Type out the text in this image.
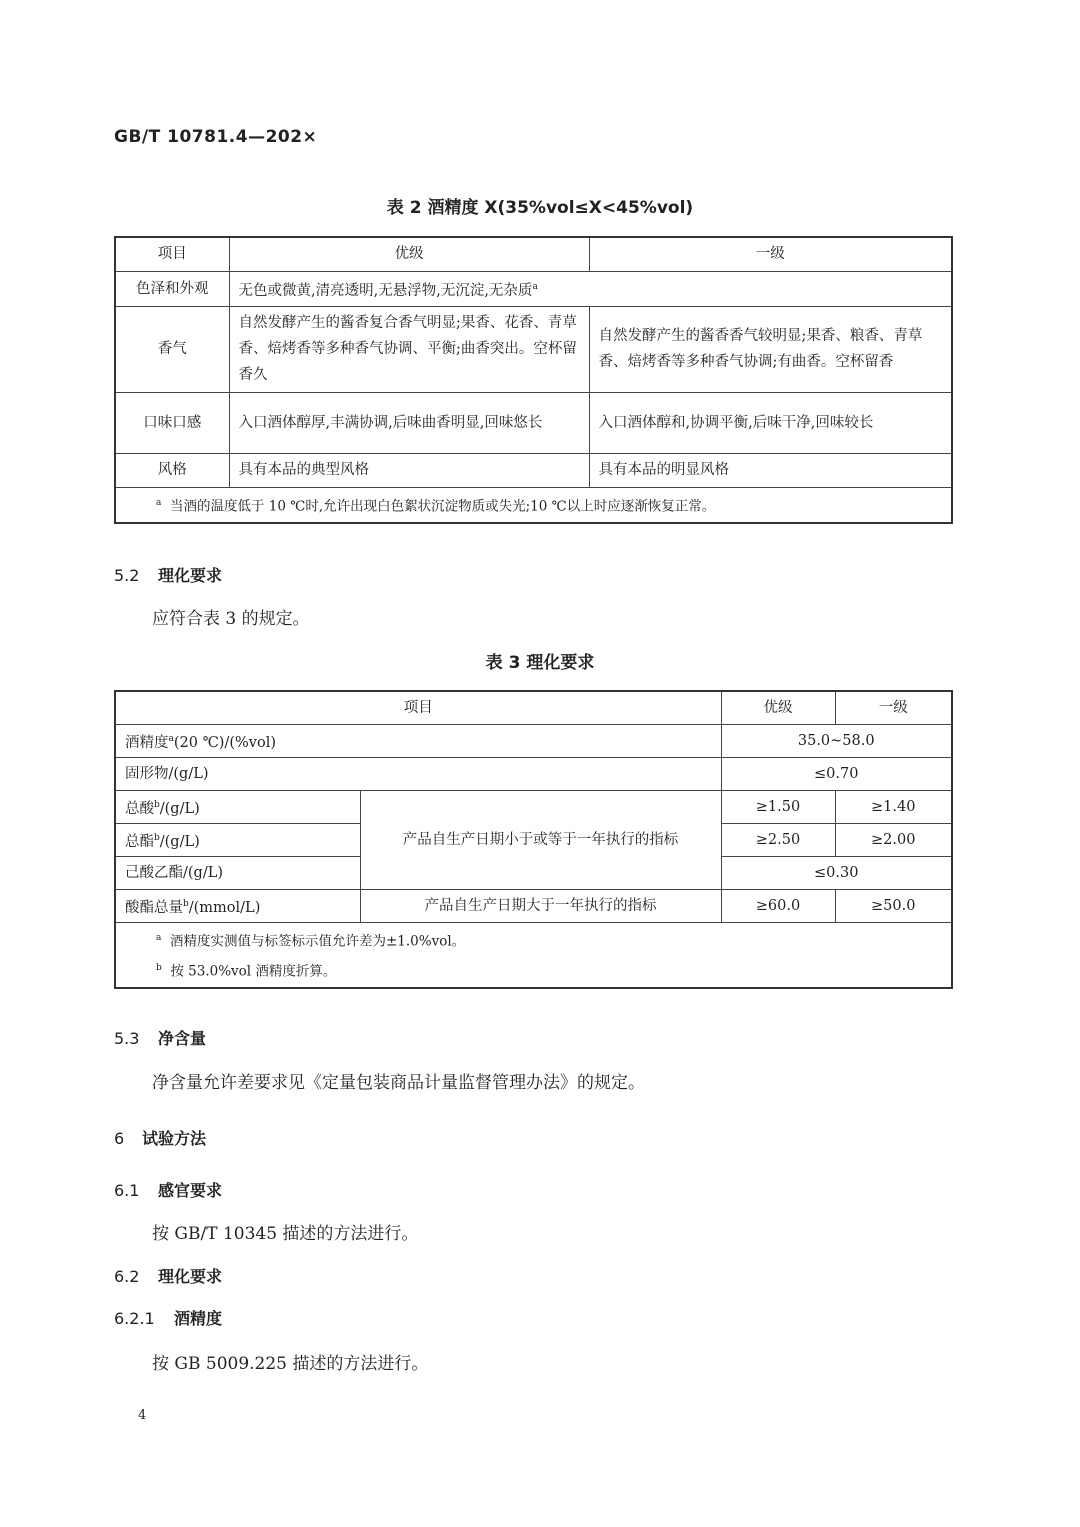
GB/T 10781.4—202×
表 2 酒精度 X(35%vol≤X<45%vol)
项目	优级	一级
色泽和外观	无色或微黄,清亮透明,无悬浮物,无沉淀,无杂质$^a$
香气	自然发酵产生的酱香复合香气明显;果香、花香、青草香、焙烤香等多种香气协调、平衡;曲香突出。空杯留香久	自然发酵产生的酱香香气较明显;果香、粮香、青草香、焙烤香等多种香气协调;有曲香。空杯留香
口味口感	入口酒体醇厚,丰满协调,后味曲香明显,回味悠长	入口酒体醇和,协调平衡,后味干净,回味较长
风格	具有本品的典型风格	具有本品的明显风格
$^a$ 当酒的温度低于 10 ℃时,允许出现白色絮状沉淀物质或失光;10 ℃以上时应逐渐恢复正常。		
5.2 理化要求
应符合表 3 的规定。
表 3 理化要求
项目		优级	一级
酒精度$^a$(20 ℃)/(%vol)		35.0~58.0	
固形物/(g/L)		≤0.70	
总酸$^b$/(g/L)	产品自生产日期小于或等于一年执行的指标	≥1.50	≥1.40
总酯$^b$/(g/L)		≥2.50	≥2.00
己酸乙酯/(g/L)		≤0.30	
酸酯总量$^b$/(mmol/L)	产品自生产日期大于一年执行的指标	≥60.0	≥50.0

$^a$ 酒精度实测值与标签标示值允许差为±1.0%vol。
$^b$ 按 53.0%vol 酒精度折算。			
5.3 净含量
净含量允许差要求见《定量包装商品计量监督管理办法》的规定。
6 试验方法
6.1 感官要求
按 GB/T 10345 描述的方法进行。
6.2 理化要求
6.2.1 酒精度
按 GB 5009.225 描述的方法进行。
4
